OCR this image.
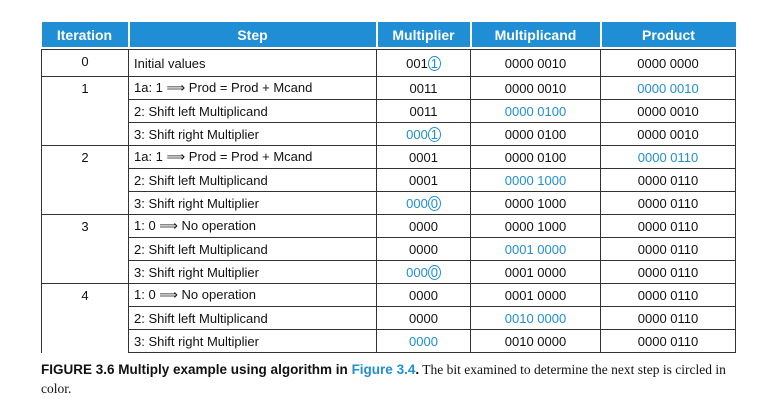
Iteration	Step	Multiplier	Multiplicand	Product

0	Initial values	001 1	0000 0010	0000 0000
1	1a: 1 ⟹ Prod = Prod + Mcand	0011	0000 0010	0000 0010
	2: Shift left Multiplicand	0011	0000 0100	0000 0010
	3: Shift right Multiplier	000 1	0000 0100	0000 0010
2	1a: 1 ⟹ Prod = Prod + Mcand	0001	0000 0100	0000 0110
	2: Shift left Multiplicand	0001	0000 1000	0000 0110
	3: Shift right Multiplier	000 0	0000 1000	0000 0110
3	1: 0 ⟹ No operation	0000	0000 1000	0000 0110
	2: Shift left Multiplicand	0000	0001 0000	0000 0110
	3: Shift right Multiplier	000 0	0001 0000	0000 0110
4	1: 0 ⟹ No operation	0000	0001 0000	0000 0110
	2: Shift left Multiplicand	0000	0010 0000	0000 0110
	3: Shift right Multiplier	0000	0010 0000	0000 0110
FIGURE 3.6 Multiply example using algorithm in Figure 3.4. The bit examined to determine the next step is circled in color.
